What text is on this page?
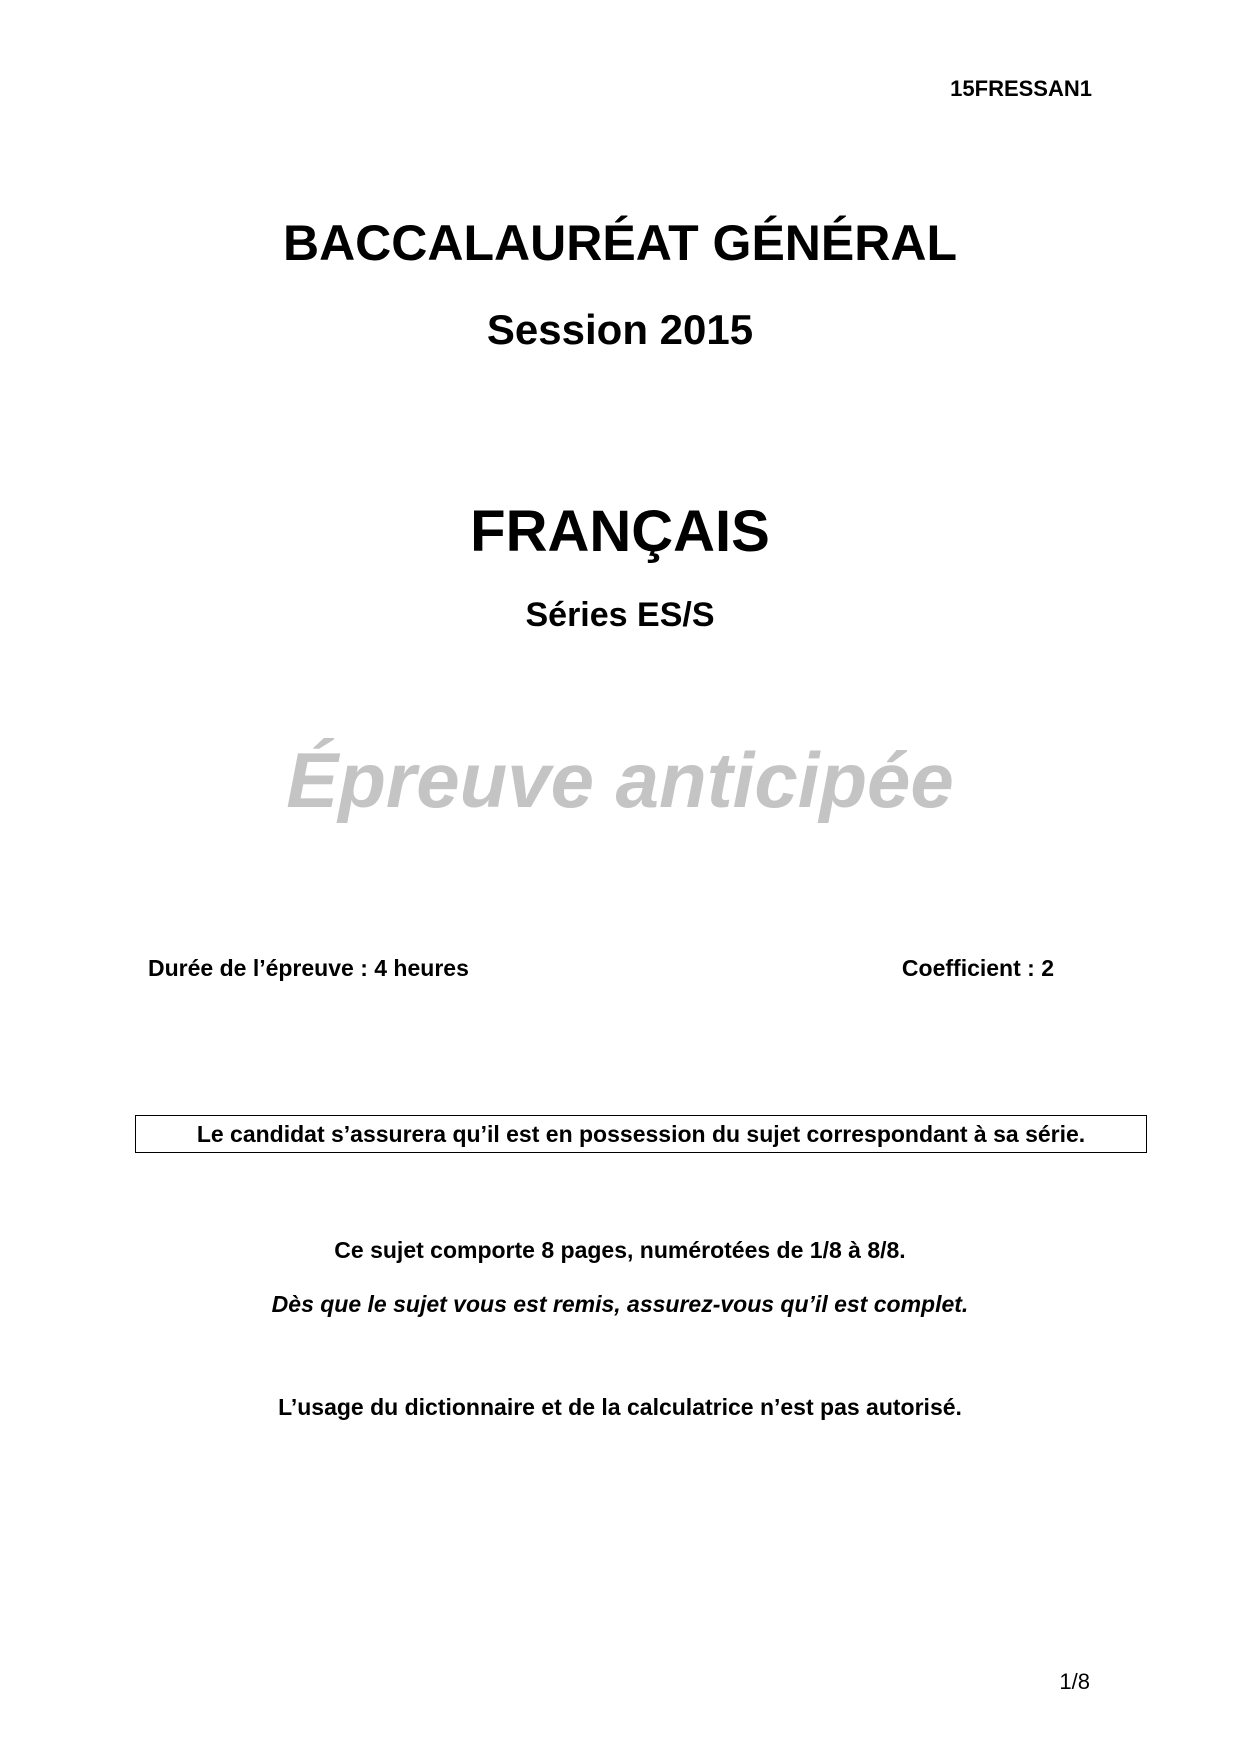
15FRESSAN1
BACCALAURÉAT GÉNÉRAL
Session 2015
FRANÇAIS
Séries ES/S
Épreuve anticipée
Durée de l’épreuve : 4 heures	Coefficient : 2
Le candidat s’assurera qu’il est en possession du sujet correspondant à sa série.
Ce sujet comporte 8 pages, numérotées de 1/8 à 8/8.
Dès que le sujet vous est remis, assurez-vous qu’il est complet.
L’usage du dictionnaire et de la calculatrice n’est pas autorisé.
1/8
